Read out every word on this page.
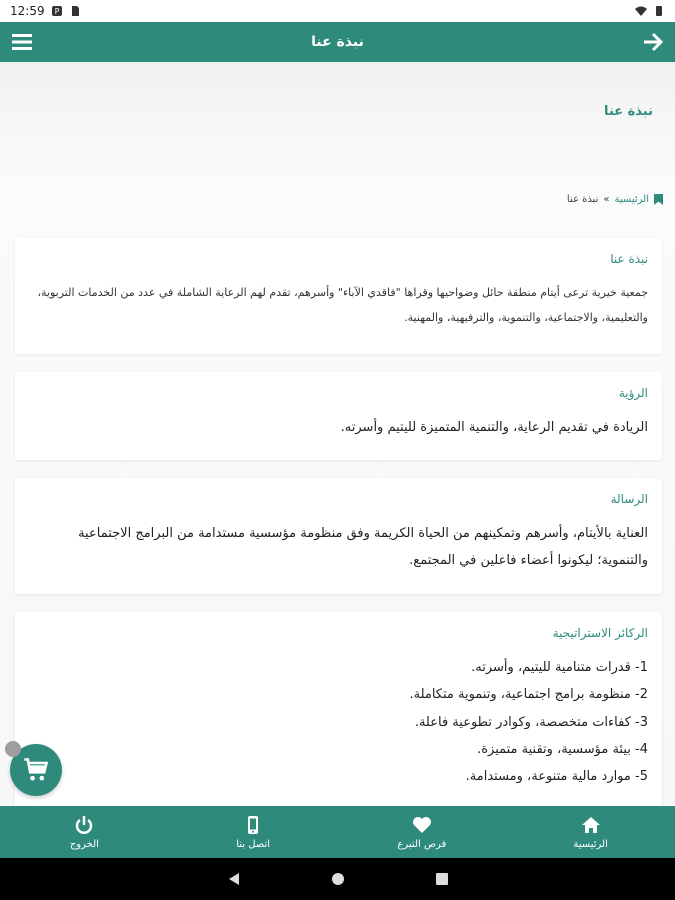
12:59 P
نبذة عنا
نبذة عنا
الرئيسية
»
نبذة عنا
نبذة عنا

جمعية خيرية ترعى أيتام منطقة حائل وضواحيها وقراها "فاقدي الآباء" وأسرهم، تقدم لهم الرعاية الشاملة في عدد من الخدمات التربوية، والتعليمية، والاجتماعية، والتنموية، والترفيهية، والمهنية.

الرؤية

الريادة في تقديم الرعاية، والتنمية المتميزة لليتيم وأسرته.

الرسالة

العناية بالأيتام، وأسرهم وتمكينهم من الحياة الكريمة وفق منظومة مؤسسية مستدامة من البرامج الاجتماعية والتنموية؛ ليكونوا أعضاء فاعلين في المجتمع.

الركائز الاستراتيجية
1- قدرات متنامية لليتيم، وأسرته.
2- منظومة برامج اجتماعية، وتنموية متكاملة.
3- كفاءات متخصصة، وكوادر تطوعية فاعلة.
4- بيئة مؤسسية، وتقنية متميزة.
5- موارد مالية متنوعة، ومستدامة.
الرئيسية
فرص التبرع
اتصل بنا
الخروج
